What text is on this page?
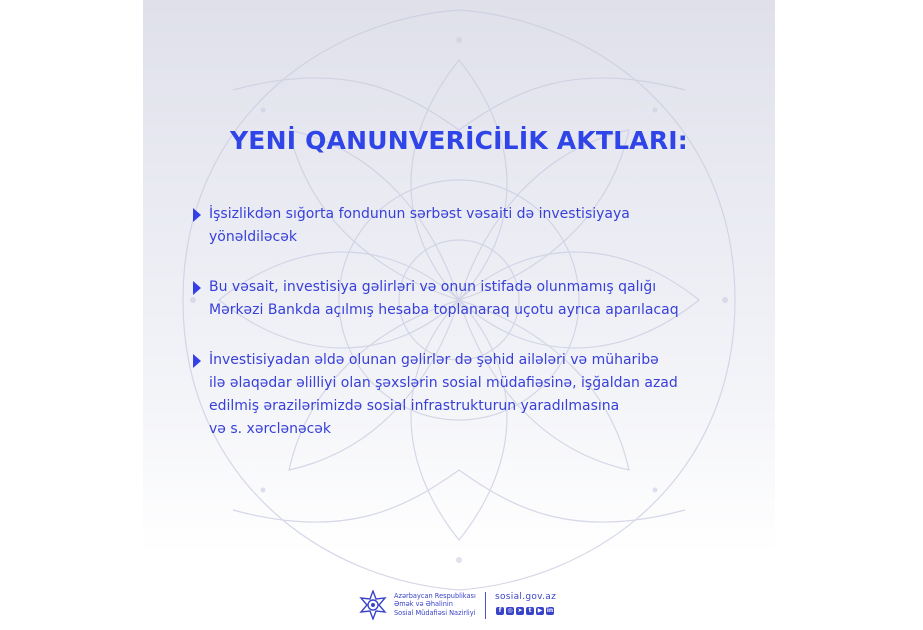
YENİ QANUNVERİCİLİK AKTLARI:
İşsizlikdən sığorta fondunun sərbəst vəsaiti də investisiyaya
yönəldiləcək
Bu vəsait, investisiya gəlirləri və onun istifadə olunmamış qalığı
Mərkəzi Bankda açılmış hesaba toplanaraq uçotu ayrıca aparılacaq
İnvestisiyadan əldə olunan gəlirlər də şəhid ailələri və müharibə
ilə əlaqədar əlilliyi olan şəxslərin sosial müdafiəsinə, işğaldan azad
edilmiş ərazilərimizdə sosial infrastrukturun yaradılmasına
və s. xərclənəcək
Azərbaycan Respublikası
Əmək və Əhalinin
Sosial Müdafiəsi Nazirliyi
sosial.gov.az
f	◎ ➤	t	▶ in
